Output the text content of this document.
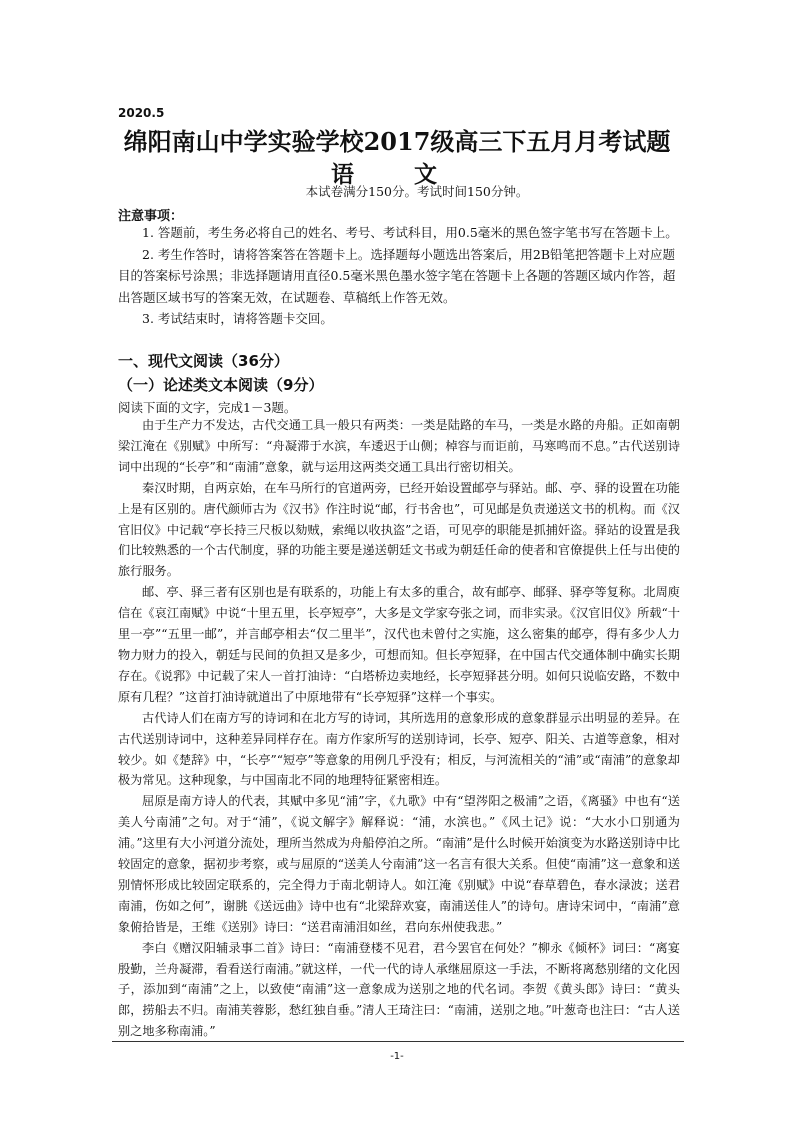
2020.5
绵阳南山中学实验学校2017级高三下五月月考试题
语 文
本试卷满分150分。考试时间150分钟。
注意事项：

1. 答题前，考生务必将自己的姓名、考号、考试科目，用0.5毫米的黑色签字笔书写在答题卡上。

2. 考生作答时，请将答案答在答题卡上。选择题每小题选出答案后，用2B铅笔把答题卡上对应题目的答案标号涂黑；非选择题请用直径0.5毫米黑色墨水签字笔在答题卡上各题的答题区域内作答，超出答题区域书写的答案无效，在试题卷、草稿纸上作答无效。

3. 考试结束时，请将答题卡交回。

一、现代文阅读（36分）
（一）论述类文本阅读（9分）
阅读下面的文字，完成1－3题。

由于生产力不发达，古代交通工具一般只有两类：一类是陆路的车马，一类是水路的舟船。正如南朝梁江淹在《别赋》中所写：“舟凝滞于水滨，车逶迟于山侧；棹容与而讵前，马寒鸣而不息。”古代送别诗词中出现的“长亭”和“南浦”意象，就与运用这两类交通工具出行密切相关。

秦汉时期，自两京始，在车马所行的官道两旁，已经开始设置邮亭与驿站。邮、亭、驿的设置在功能上是有区别的。唐代颜师古为《汉书》作注时说“邮，行书舍也”，可见邮是负责递送文书的机构。而《汉官旧仪》中记载“亭长持三尺板以劾贼，索绳以收执盗”之语，可见亭的职能是抓捕奸盗。驿站的设置是我们比较熟悉的一个古代制度，驿的功能主要是递送朝廷文书或为朝廷任命的使者和官僚提供上任与出使的旅行服务。

邮、亭、驿三者有区别也是有联系的，功能上有太多的重合，故有邮亭、邮驿、驿亭等复称。北周庾信在《哀江南赋》中说“十里五里，长亭短亭”，大多是文学家夸张之词，而非实录。《汉官旧仪》所载“十里一亭”“五里一邮”，并言邮亭相去“仅二里半”，汉代也未曾付之实施，这么密集的邮亭，得有多少人力物力财力的投入，朝廷与民间的负担又是多少，可想而知。但长亭短驿，在中国古代交通体制中确实长期存在。《说郛》中记载了宋人一首打油诗：“白塔桥边卖地经，长亭短驿甚分明。如何只说临安路，不数中原有几程？”这首打油诗就道出了中原地带有“长亭短驿”这样一个事实。

古代诗人们在南方写的诗词和在北方写的诗词，其所选用的意象形成的意象群显示出明显的差异。在古代送别诗词中，这种差异同样存在。南方作家所写的送别诗词，长亭、短亭、阳关、古道等意象，相对较少。如《楚辞》中，“长亭”“短亭”等意象的用例几乎没有；相反，与河流相关的“浦”或“南浦”的意象却极为常见。这种现象，与中国南北不同的地理特征紧密相连。

屈原是南方诗人的代表，其赋中多见“浦”字，《九歌》中有“望涔阳之极浦”之语，《离骚》中也有“送美人兮南浦”之句。对于“浦”，《说文解字》解释说：“浦，水滨也。”《风土记》说：“大水小口别通为浦。”这里有大小河道分流处，理所当然成为舟船停泊之所。“南浦”是什么时候开始演变为水路送别诗中比较固定的意象，据初步考察，或与屈原的“送美人兮南浦”这一名言有很大关系。但使“南浦”这一意象和送别情怀形成比较固定联系的，完全得力于南北朝诗人。如江淹《别赋》中说“春草碧色，春水渌波；送君南浦，伤如之何”，谢朓《送远曲》诗中也有“北梁辞欢宴，南浦送佳人”的诗句。唐诗宋词中，“南浦”意象俯拾皆是，王维《送别》诗曰：“送君南浦泪如丝，君向东州使我悲。”

李白《赠汉阳辅录事二首》诗曰：“南浦登楼不见君，君今罢官在何处？”柳永《倾杯》词曰：“离宴殷勤，兰舟凝滞，看看送行南浦。”就这样，一代一代的诗人承继屈原这一手法，不断将离愁别绪的文化因子，添加到“南浦”之上，以致使“南浦”这一意象成为送别之地的代名词。李贺《黄头郎》诗曰：“黄头郎，捞船去不归。南浦芙蓉影，愁红独自垂。”清人王琦注曰：“南浦，送别之地。”叶葱奇也注曰：“古人送别之地多称南浦。”

-1-
